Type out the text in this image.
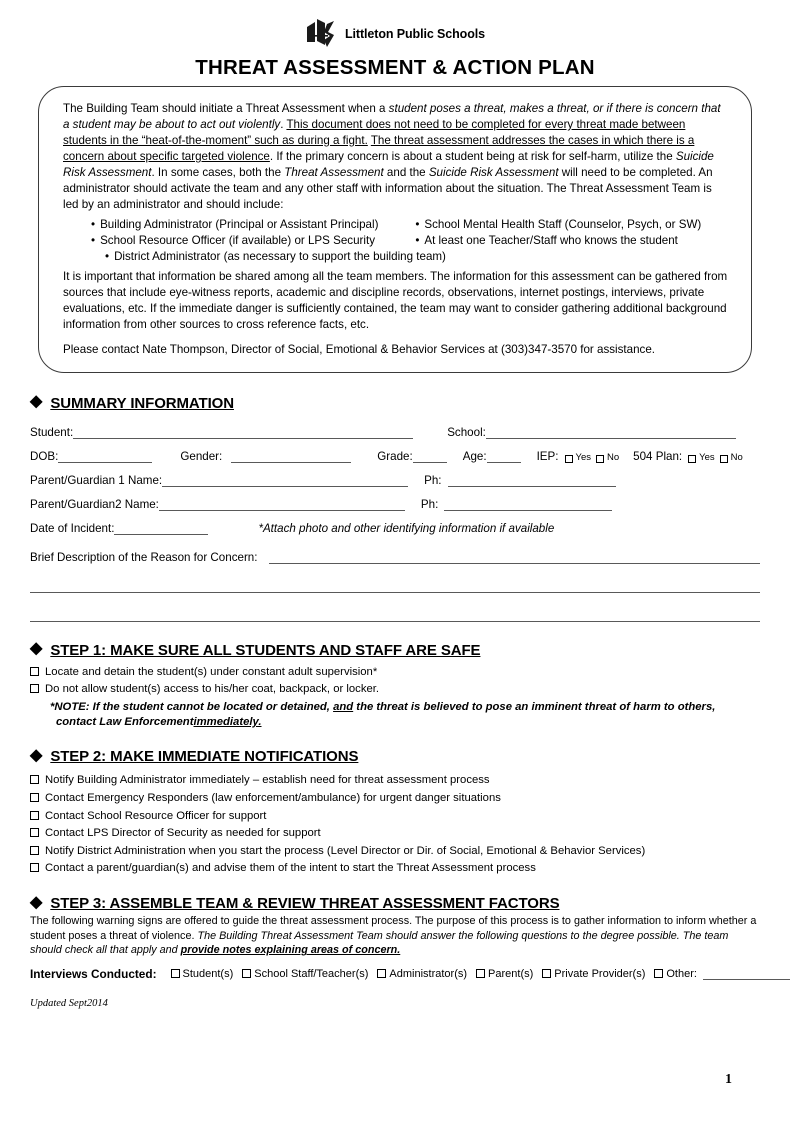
Littleton Public Schools
THREAT ASSESSMENT & ACTION PLAN

The Building Team should initiate a Threat Assessment when a student poses a threat, makes a threat, or if there is concern that a student may be about to act out violently. This document does not need to be completed for every threat made between students in the “heat-of-the-moment” such as during a fight. The threat assessment addresses the cases in which there is a concern about specific targeted violence. If the primary concern is about a student being at risk for self-harm, utilize the Suicide Risk Assessment. In some cases, both the Threat Assessment and the Suicide Risk Assessment will need to be completed. An administrator should activate the team and any other staff with information about the situation. The Threat Assessment Team is led by an administrator and should include:

• Building Administrator (Principal or Assistant Principal)	• School Mental Health Staff (Counselor, Psych, or SW)
• School Resource Officer (if available) or LPS Security	• At least one Teacher/Staff who knows the student
• District Administrator (as necessary to support the building team)

It is important that information be shared among all the team members. The information for this assessment can be gathered from sources that include eye-witness reports, academic and discipline records, observations, internet postings, interviews, private evaluations, etc. If the immediate danger is sufficiently contained, the team may want to consider gathering additional background information from other sources to cross reference facts, etc.

Please contact Nate Thompson, Director of Social, Emotional & Behavior Services at (303)347-3570 for assistance.

◆ SUMMARY INFORMATION
Student:	School:
DOB:	Gender:	Grade:	Age:	IEP: Yes No 504 Plan: Yes No
Parent/Guardian 1 Name:	Ph:
Parent/Guardian2 Name:	Ph:
Date of Incident:	*Attach photo and other identifying information if available
Brief Description of the Reason for Concern:
◆ STEP 1: MAKE SURE ALL STUDENTS AND STAFF ARE SAFE
Locate and detain the student(s) under constant adult supervision*
Do not allow student(s) access to his/her coat, backpack, or locker.
*NOTE: If the student cannot be located or detained, and the threat is believed to pose an imminent threat of harm to others,
contact Law Enforcementimmediately.
◆ STEP 2: MAKE IMMEDIATE NOTIFICATIONS
Notify Building Administrator immediately – establish need for threat assessment process
Contact Emergency Responders (law enforcement/ambulance) for urgent danger situations
Contact School Resource Officer for support
Contact LPS Director of Security as needed for support
Notify District Administration when you start the process (Level Director or Dir. of Social, Emotional & Behavior Services)
Contact a parent/guardian(s) and advise them of the intent to start the Threat Assessment process
◆ STEP 3: ASSEMBLE TEAM & REVIEW THREAT ASSESSMENT FACTORS
The following warning signs are offered to guide the threat assessment process. The purpose of this process is to gather information to inform whether a student poses a threat of violence. The Building Threat Assessment Team should answer the following questions to the degree possible. The team should check all that apply and provide notes explaining areas of concern.
Interviews Conducted: Student(s) School Staff/Teacher(s) Administrator(s) Parent(s) Private Provider(s) Other:
Updated Sept2014
1
